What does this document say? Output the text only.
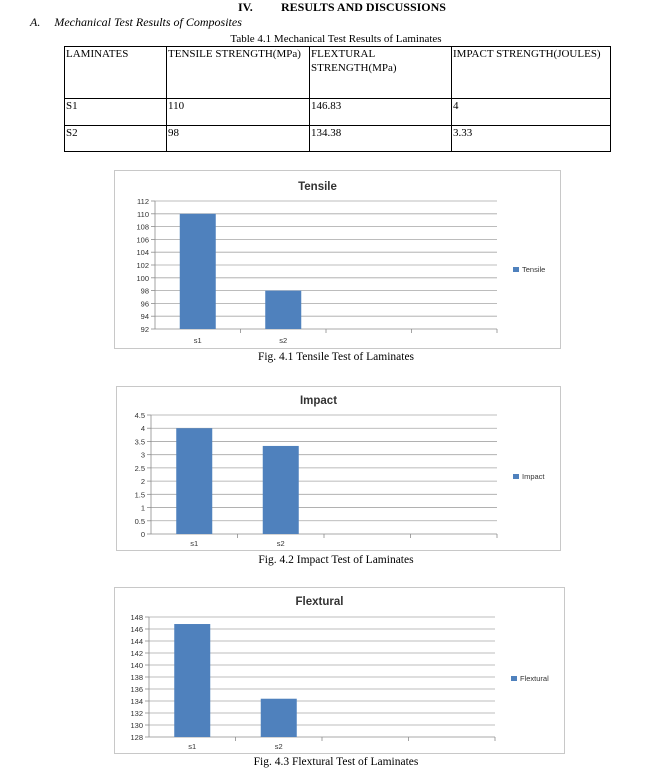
IV. RESULTS AND DISCUSSIONS
A. Mechanical Test Results of Composites
Table 4.1 Mechanical Test Results of Laminates
LAMINATES	TENSILE STRENGTH(MPa)	FLEXTURAL STRENGTH(MPa)	IMPACT STRENGTH(JOULES)
S1	110	146.83	4
S2	98	134.38	3.33
Tensile
92
94
96
98
100
102
104
106
108
110
112
s1	s2
Tensile
Fig. 4.1 Tensile Test of Laminates
Impact
0
0.5
1
1.5
2
2.5
3
3.5
4
4.5
s1	s2
Impact
Fig. 4.2 Impact Test of Laminates
Flextural
128
130
132
134
136
138
140
142
144
146
148
s1	s2
Flextural
Fig. 4.3 Flextural Test of Laminates
